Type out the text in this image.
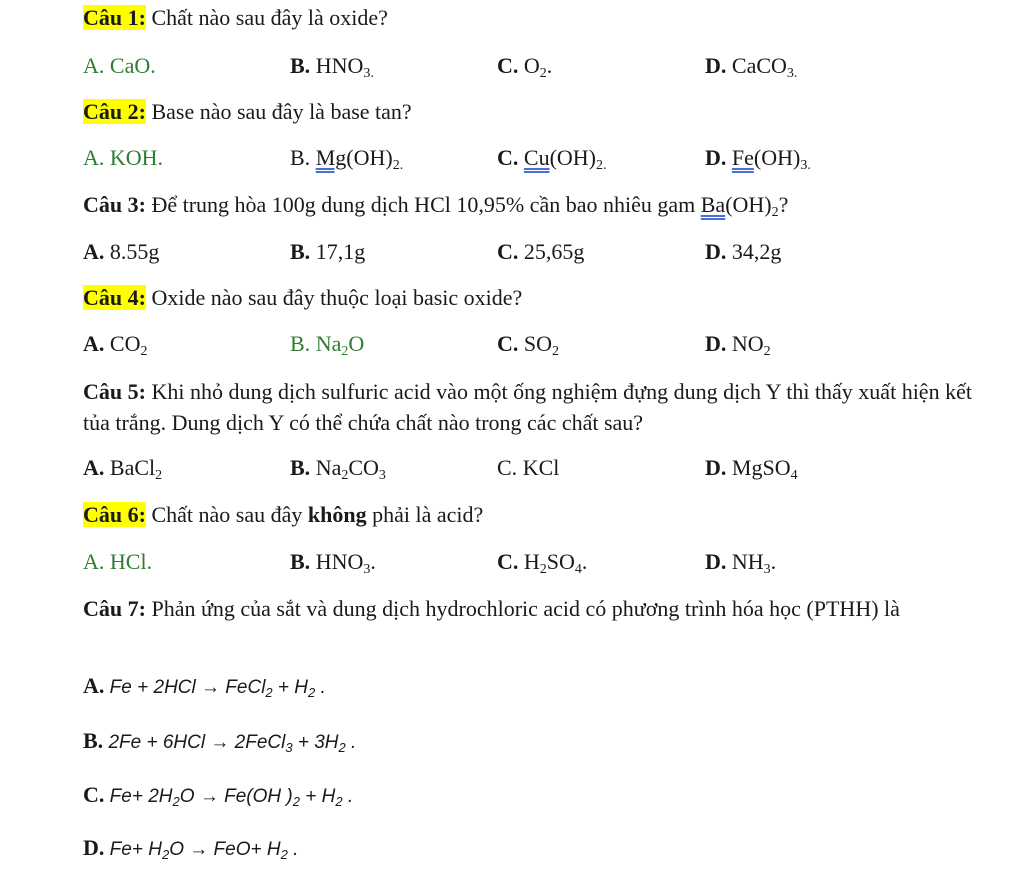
Câu 1: Chất nào sau đây là oxide?
A. CaO.	B. $HNO_{3.}$	C. $O_2$.	D. CaCO$_{3.}$
Câu 2: Base nào sau đây là base tan?
A. KOH.	B. $Mg(OH)_{2.}$	C. $Cu(OH)_{2.}$	D. $Fe(OH)_{3.}$
Câu 3: Để trung hòa 100g dung dịch HCl 10,95% cần bao nhiêu gam $Ba(OH)_2$?
A. 8.55g	B. 17,1g	C. 25,65g	D. 34,2g
Câu 4: Oxide nào sau đây thuộc loại basic oxide?
A. $CO_2$	B. $Na_2O$	C. $SO_2$	D. $NO_2$
Câu 5: Khi nhỏ dung dịch sulfuric acid vào một ống nghiệm đựng dung dịch Y thì thấy xuất hiện kết tủa trắng. Dung dịch Y có thể chứa chất nào trong các chất sau?
A. BaCl$_2$	B. $Na_2CO_3$	C. KCl	D. MgSO$_4$
Câu 6: Chất nào sau đây không phải là acid?
A. HCl.	B. $HNO_3$.	C. $H_2SO_4$.	D. $NH_3$.
Câu 7: Phản ứng của sắt và dung dịch hydrochloric acid có phương trình hóa học (PTHH) là
A. Fe + 2HCl → FeCl$_2$ + $H_2$ .
B. 2Fe + 6HCl → 2FeCl$_3$ + $3H_2$ .
C. $Fe+ 2H_2O \to Fe(OH$ )$_2 + H_2$ .
D. $Fe+ H_2O \to FeO+ H_2$ .
